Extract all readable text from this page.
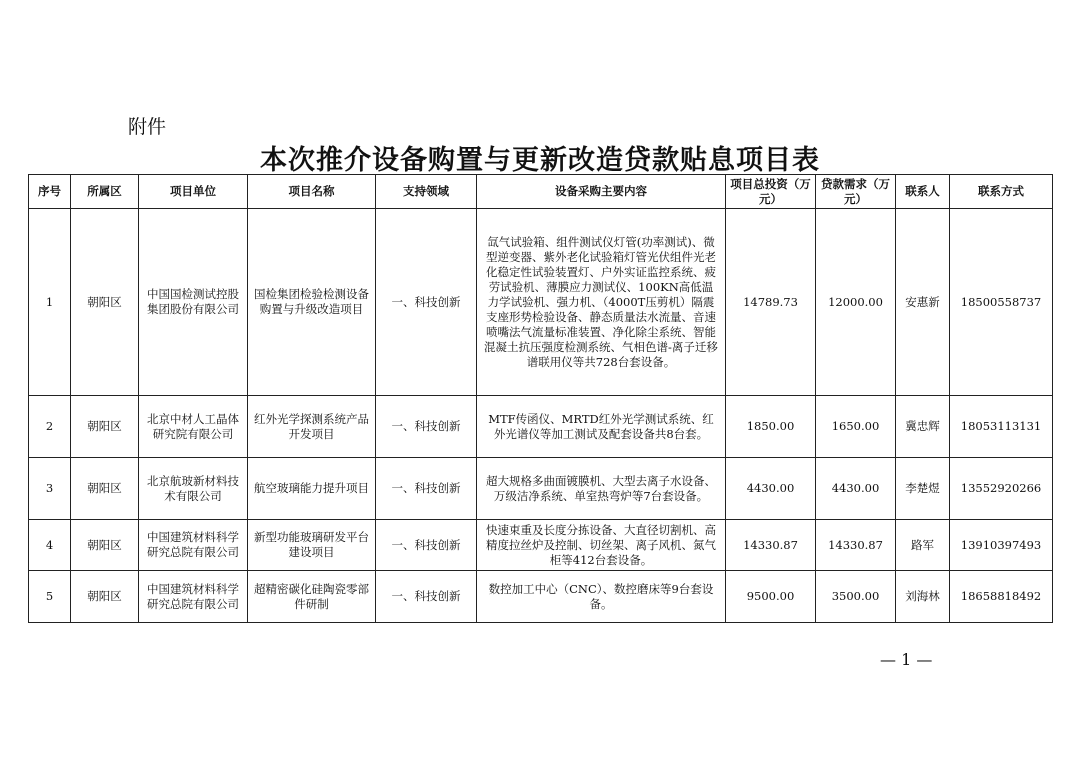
附件
本次推介设备购置与更新改造贷款贴息项目表
序号	所属区	项目单位	项目名称	支持领域	设备采购主要内容	项目总投资（万元）	贷款需求（万元）	联系人	联系方式
1	朝阳区	中国国检测试控股集团股份有限公司	国检集团检验检测设备购置与升级改造项目	一、科技创新	氙气试验箱、组件测试仪灯管(功率测试)、微型逆变器、紫外老化试验箱灯管光伏组件光老化稳定性试验装置灯、户外实证监控系统、疲劳试验机、薄膜应力测试仪、100KN高低温力学试验机、强力机、（4000T压剪机）隔震支座形势检验设备、静态质量法水流量、音速喷嘴法气流量标准装置、净化除尘系统、智能混凝土抗压强度检测系统、气相色谱-离子迁移谱联用仪等共728台套设备。	14789.73	12000.00	安惠新	18500558737
2	朝阳区	北京中材人工晶体研究院有限公司	红外光学探测系统产品开发项目	一、科技创新	MTF传函仪、MRTD红外光学测试系统、红外光谱仪等加工测试及配套设备共8台套。	1850.00	1650.00	冀忠辉	18053113131
3	朝阳区	北京航玻新材料技术有限公司	航空玻璃能力提升项目	一、科技创新	超大规格多曲面镀膜机、大型去离子水设备、万级洁净系统、单室热弯炉等7台套设备。	4430.00	4430.00	李楚煜	13552920266
4	朝阳区	中国建筑材料科学研究总院有限公司	新型功能玻璃研发平台建设项目	一、科技创新	快速束重及长度分拣设备、大直径切割机、高精度拉丝炉及控制、切丝架、离子风机、氮气柜等412台套设备。	14330.87	14330.87	路军	13910397493
5	朝阳区	中国建筑材料科学研究总院有限公司	超精密碳化硅陶瓷零部件研制	一、科技创新	数控加工中心（CNC）、数控磨床等9台套设备。	9500.00	3500.00	刘海林	18658818492
— 1 —
